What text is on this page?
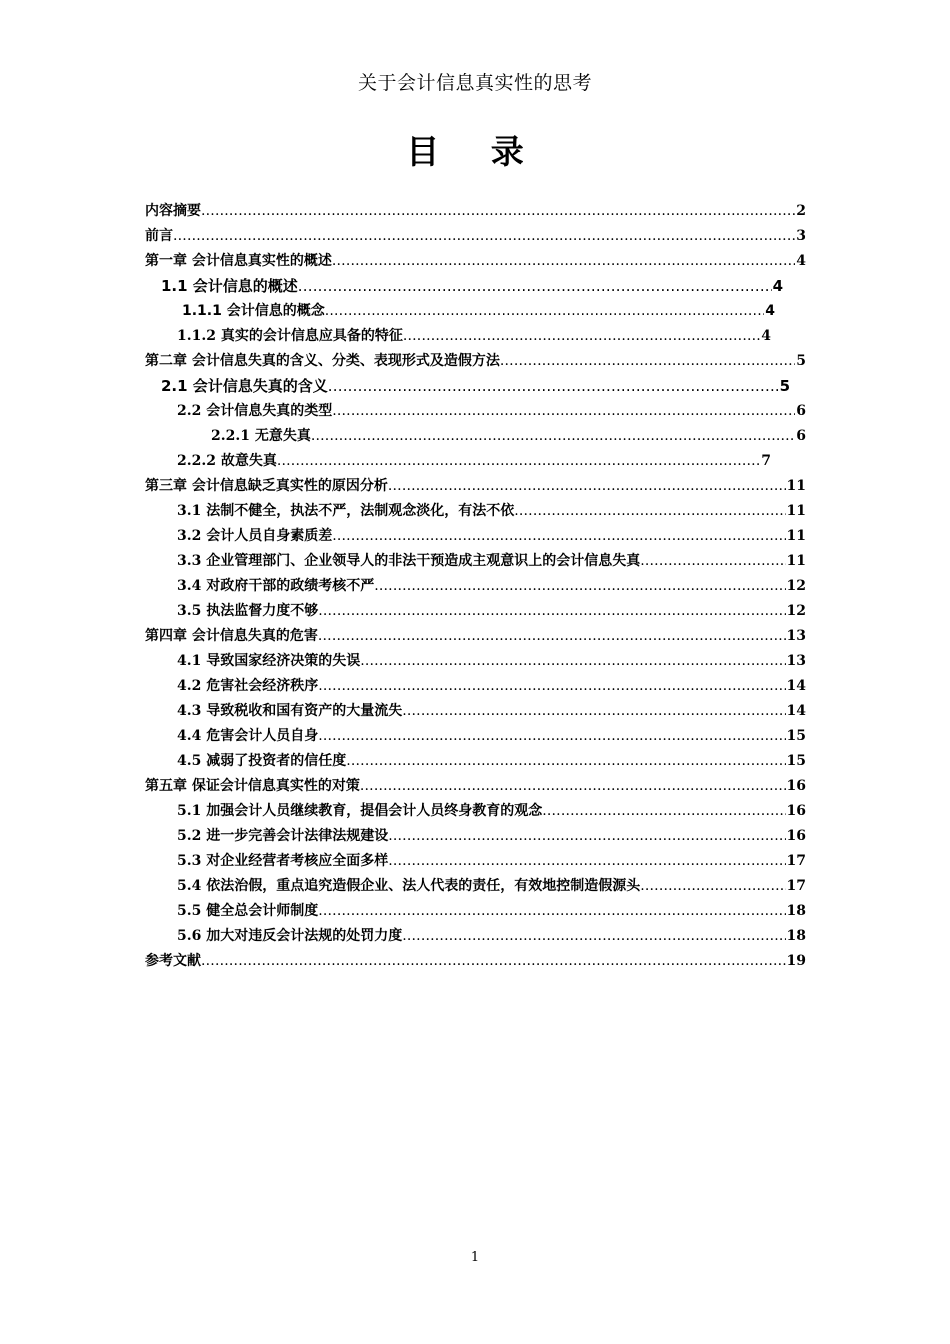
关于会计信息真实性的思考
目 录
内容摘要 .....	2
前言 .....	3
第一章 会计信息真实性的概述 .....	4
1.1 会计信息的概述 .....	4
1.1.1 会计信息的概念 .....	4
1.1.2 真实的会计信息应具备的特征 .....	4
第二章 会计信息失真的含义、分类、表现形式及造假方法 .....	5
2.1 会计信息失真的含义 .....	5
2.2 会计信息失真的类型 .....	6
2.2.1 无意失真 .....	6
2.2.2 故意失真 .....	7
第三章 会计信息缺乏真实性的原因分析 .....	11
3.1 法制不健全，执法不严，法制观念淡化，有法不依 .....	11
3.2 会计人员自身素质差 .....	11
3.3 企业管理部门、企业领导人的非法干预造成主观意识上的会计信息失真 .....	11
3.4 对政府干部的政绩考核不严 .....	12
3.5 执法监督力度不够 .....	12
第四章 会计信息失真的危害 .....	13
4.1 导致国家经济决策的失误 .....	13
4.2 危害社会经济秩序 .....	14
4.3 导致税收和国有资产的大量流失 .....	14
4.4 危害会计人员自身 .....	15
4.5 减弱了投资者的信任度 .....	15
第五章 保证会计信息真实性的对策 .....	16
5.1 加强会计人员继续教育，提倡会计人员终身教育的观念 .....	16
5.2 进一步完善会计法律法规建设 .....	16
5.3 对企业经营者考核应全面多样 .....	17
5.4 依法治假，重点追究造假企业、法人代表的责任，有效地控制造假源头 .....	17
5.5 健全总会计师制度 .....	18
5.6 加大对违反会计法规的处罚力度 .....	18
参考文献 .....	19
1
